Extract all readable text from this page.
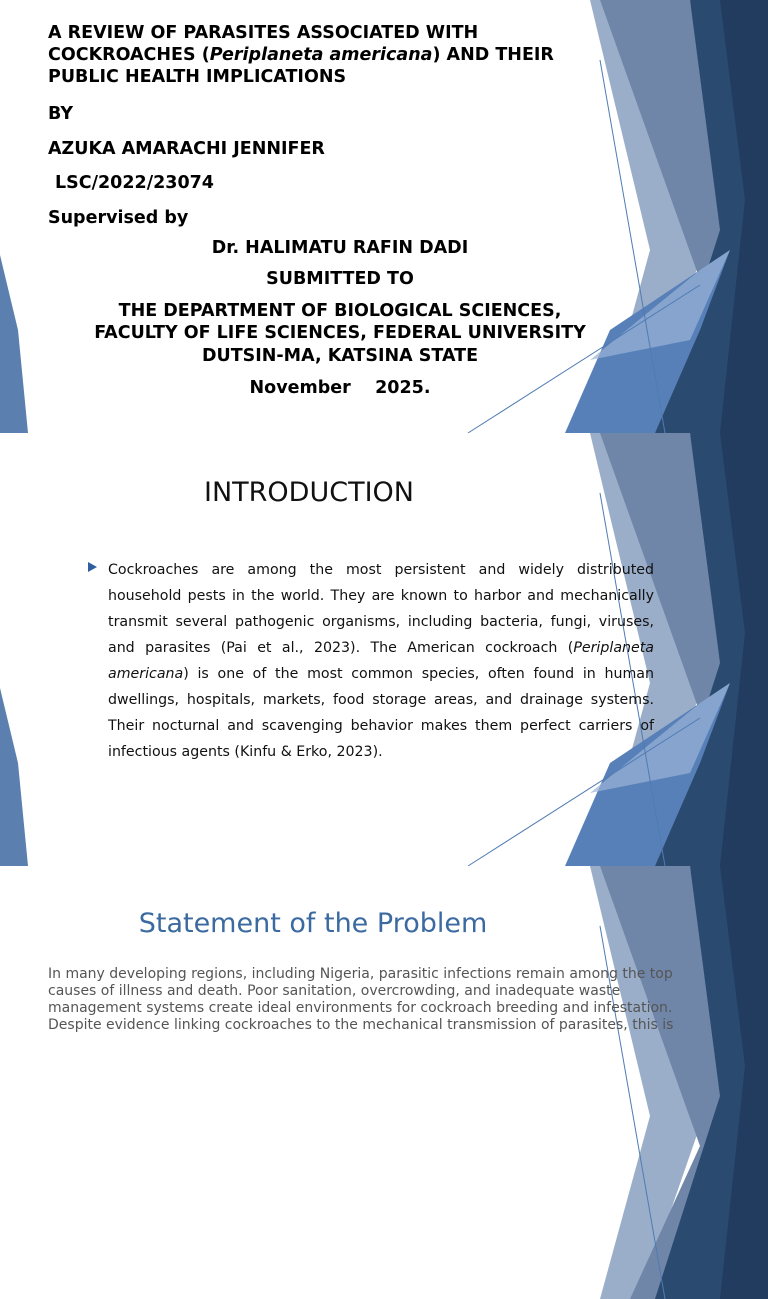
A REVIEW OF PARASITES ASSOCIATED WITH COCKROACHES (Periplaneta americana) AND THEIR PUBLIC HEALTH IMPLICATIONS
BY
AZUKA AMARACHI JENNIFER
LSC/2022/23074
Supervised by
Dr. HALIMATU RAFIN DADI
SUBMITTED TO
THE DEPARTMENT OF BIOLOGICAL SCIENCES,
FACULTY OF LIFE SCIENCES, FEDERAL UNIVERSITY
DUTSIN-MA, KATSINA STATE
November    2025.
INTRODUCTION
Cockroaches are among the most persistent and widely distributed household pests in the world. They are known to harbor and mechanically transmit several pathogenic organisms, including bacteria, fungi, viruses, and parasites (Pai et al., 2023). The American cockroach (Periplaneta americana) is one of the most common species, often found in human dwellings, hospitals, markets, food storage areas, and drainage systems. Their nocturnal and scavenging behavior makes them perfect carriers of infectious agents (Kinfu & Erko, 2023).
Statement of the Problem
In many developing regions, including Nigeria, parasitic infections remain among the top causes of illness and death. Poor sanitation, overcrowding, and inadequate waste management systems create ideal environments for cockroach breeding and infestation. Despite evidence linking cockroaches to the mechanical transmission of parasites, this is
